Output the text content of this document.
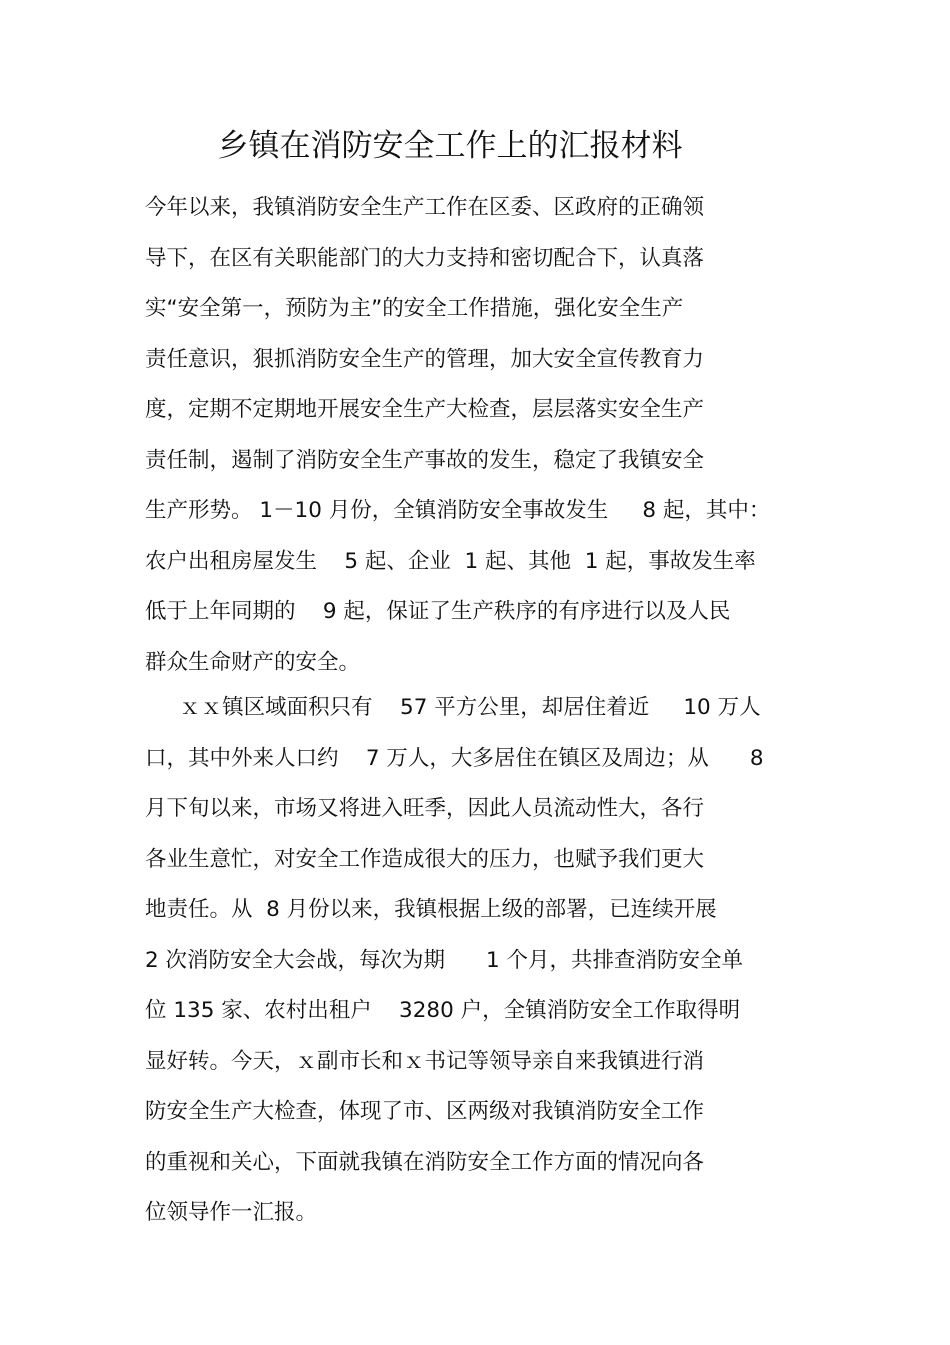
乡镇在消防安全工作上的汇报材料
今年以来，我镇消防安全生产工作在区委、区政府的正确领
导下，在区有关职能部门的大力支持和密切配合下，认真落
实“安全第一，预防为主”的安全工作措施，强化安全生产
责任意识，狠抓消防安全生产的管理，加大安全宣传教育力
度，定期不定期地开展安全生产大检查，层层落实安全生产
责任制，遏制了消防安全生产事故的发生，稳定了我镇安全
生产形势。 1－10 月份，全镇消防安全事故发生     8 起，其中：
农户出租房屋发生    5 起、企业  1 起、其他  1 起，事故发生率
低于上年同期的    9 起，保证了生产秩序的有序进行以及人民
群众生命财产的安全。
ｘｘ镇区域面积只有    57 平方公里，却居住着近     10 万人
口，其中外来人口约    7 万人，大多居住在镇区及周边；从      8
月下旬以来，市场又将进入旺季，因此人员流动性大，各行
各业生意忙，对安全工作造成很大的压力，也赋予我们更大
地责任。从  8 月份以来，我镇根据上级的部署，已连续开展
2 次消防安全大会战，每次为期      1 个月，共排查消防安全单
位 135 家、农村出租户    3280 户，全镇消防安全工作取得明
显好转。今天，ｘ副市长和ｘ书记等领导亲自来我镇进行消
防安全生产大检查，体现了市、区两级对我镇消防安全工作
的重视和关心，下面就我镇在消防安全工作方面的情况向各
位领导作一汇报。
